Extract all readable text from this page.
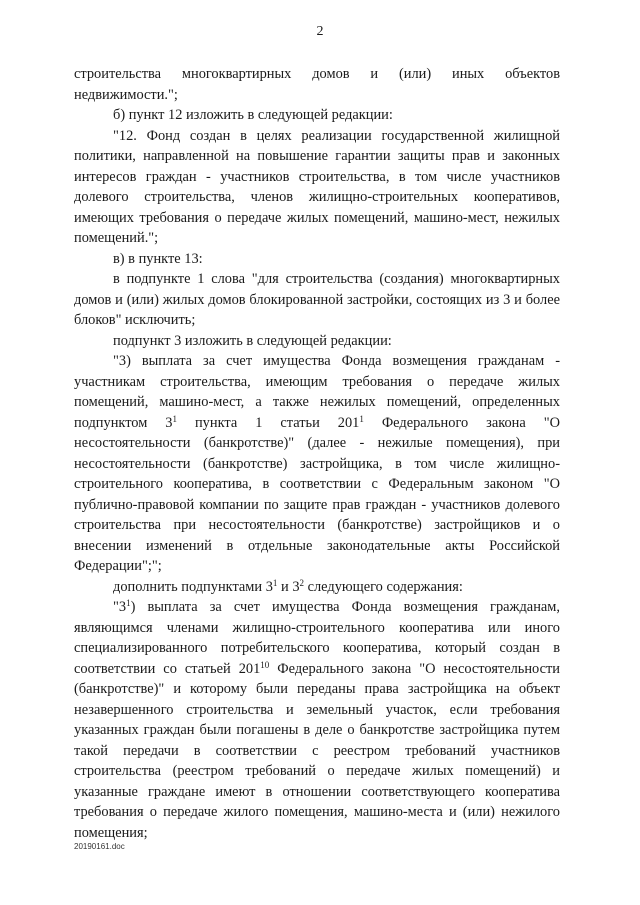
2

строительства многоквартирных домов и (или) иных объектов недвижимости.";

б) пункт 12 изложить в следующей редакции:

"12. Фонд создан в целях реализации государственной жилищной политики, направленной на повышение гарантии защиты прав и законных интересов граждан - участников строительства, в том числе участников долевого строительства, членов жилищно-строительных кооперативов, имеющих требования о передаче жилых помещений, машино-мест, нежилых помещений.";

в) в пункте 13:

в подпункте 1 слова "для строительства (создания) многоквартирных домов и (или) жилых домов блокированной застройки, состоящих из 3 и более блоков" исключить;

подпункт 3 изложить в следующей редакции:

"3) выплата за счет имущества Фонда возмещения гражданам - участникам строительства, имеющим требования о передаче жилых помещений, машино-мест, а также нежилых помещений, определенных подпунктом $3^1$ пункта 1 статьи $201^1$ Федерального закона "О несостоятельности (банкротстве)" (далее - нежилые помещения), при несостоятельности (банкротстве) застройщика, в том числе жилищно-строительного кооператива, в соответствии с Федеральным законом "О публично-правовой компании по защите прав граждан - участников долевого строительства при несостоятельности (банкротстве) застройщиков и о внесении изменений в отдельные законодательные акты Российской Федерации";";

дополнить подпунктами $3^1$ и $3^2$ следующего содержания:

"$3^1$) выплата за счет имущества Фонда возмещения гражданам, являющимся членами жилищно-строительного кооператива или иного специализированного потребительского кооператива, который создан в соответствии со статьей $201^{10}$ Федерального закона "О несостоятельности (банкротстве)" и которому были переданы права застройщика на объект незавершенного строительства и земельный участок, если требования указанных граждан были погашены в деле о банкротстве застройщика путем такой передачи в соответствии с реестром требований участников строительства (реестром требований о передаче жилых помещений) и указанные граждане имеют в отношении соответствующего кооператива требования о передаче жилого помещения, машино-места и (или) нежилого помещения;

20190161.doc
